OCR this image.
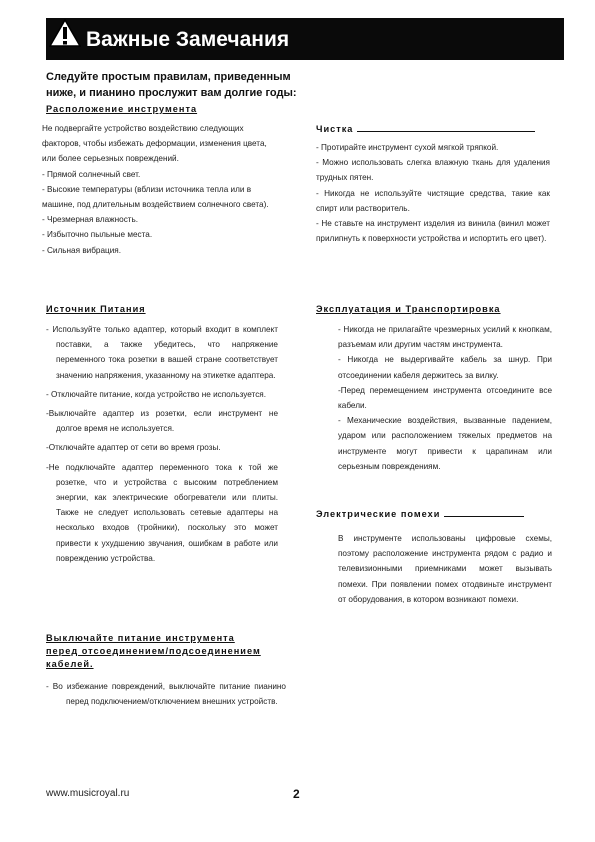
Важные Замечания
Следуйте простым правилам, приведенным ниже, и пианино прослужит вам долгие годы:
Расположение инструмента

Не подвергайте устройство воздействию следующих

факторов, чтобы избежать деформации, изменения цвета,

или более серьезных повреждений.

- Прямой солнечный свет.

- Высокие температуры (вблизи источника тепла или в

машине, под длительным воздействием солнечного света).

- Чрезмерная влажность.

- Избыточно пыльные места.

- Сильная вибрация.

Чистка

- Протирайте инструмент сухой мягкой тряпкой.

- Можно использовать слегка влажную ткань для удаления трудных пятен.

- Никогда не используйте чистящие средства, такие как спирт или растворитель.

- Не ставьте на инструмент изделия из винила (винил может прилипнуть к поверхности устройства и испортить его цвет).

Источник Питания

- Используйте только адаптер, который входит в комплект поставки, а также убедитесь, что напряжение переменного тока розетки в вашей стране соответствует значению напряжения, указанному на этикетке адаптера.

- Отключайте питание, когда устройство не используется.

-Выключайте адаптер из розетки, если инструмент не долгое время не используется.

-Отключайте адаптер от сети во время грозы.

-Не подключайте адаптер переменного тока к той же розетке, что и устройства с высоким потреблением энергии, как электрические обогреватели или плиты. Также не следует использовать сетевые адаптеры на несколько входов (тройники), поскольку это может привести к ухудшению звучания, ошибкам в работе или повреждению устройства.

Эксплуатация и Транспортировка

- Никогда не прилагайте чрезмерных усилий к кнопкам, разъемам или другим частям инструмента.

- Никогда не выдергивайте кабель за шнур. При отсоединении кабеля держитесь за вилку.

-Перед перемещением инструмента отсоедините все кабели.

- Механические воздействия, вызванные падением, ударом или расположением тяжелых предметов на инструменте могут привести к царапинам или серьезным повреждениям.

Электрические помехи

В инструменте использованы цифровые схемы, поэтому расположение инструмента рядом с радио и телевизионными приемниками может вызывать помехи. При появлении помех отодвиньте инструмент от оборудования, в котором возникают помехи.

Выключайте питание инструмента
перед отсоединением/подсоединением
кабелей.

- Во избежание повреждений, выключайте питание пианино перед подключением/отключением внешних устройств.

www.musicroyal.ru	2
